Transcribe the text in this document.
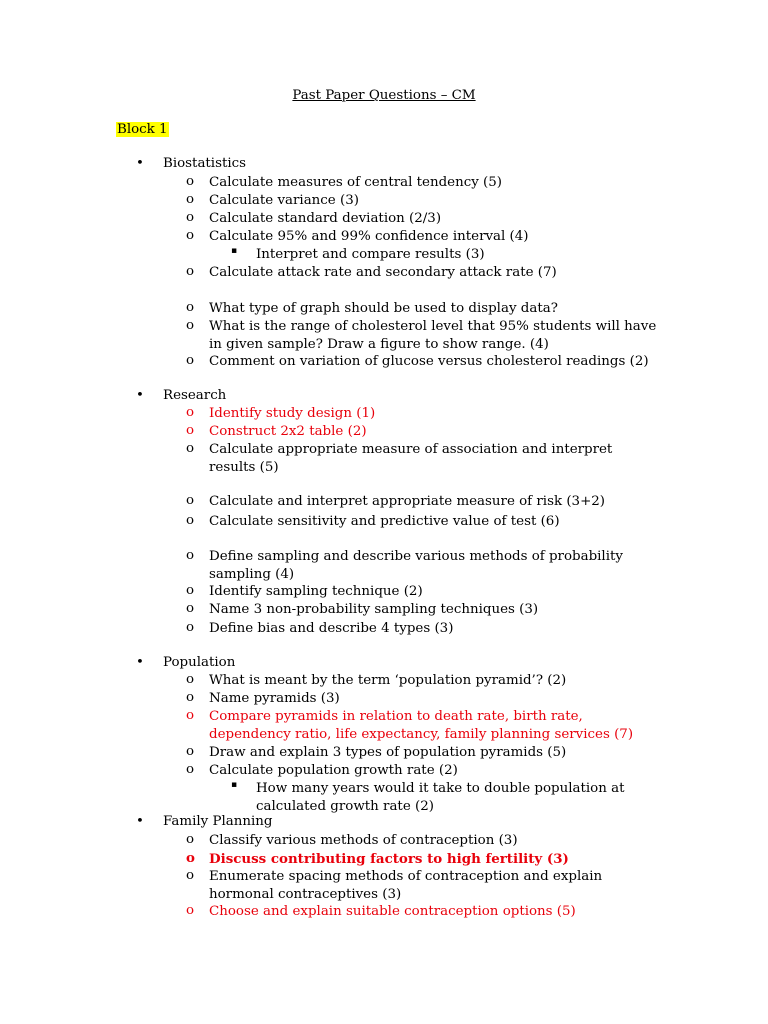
Past Paper Questions – CM
Block 1
•	Biostatistics
o	Calculate measures of central tendency (5)
o	Calculate variance (3)
o	Calculate standard deviation (2/3)
o	Calculate 95% and 99% confidence interval (4)
▪	Interpret and compare results (3)
o	Calculate attack rate and secondary attack rate (7)
o	What type of graph should be used to display data?
o	What is the range of cholesterol level that 95% students will have in given sample? Draw a figure to show range. (4)
o	Comment on variation of glucose versus cholesterol readings (2)
•	Research
o	Identify study design (1)
o	Construct 2x2 table (2)
o	Calculate appropriate measure of association and interpret results (5)
o	Calculate and interpret appropriate measure of risk (3+2)
o	Calculate sensitivity and predictive value of test (6)
o	Define sampling and describe various methods of probability sampling (4)
o	Identify sampling technique (2)
o	Name 3 non-probability sampling techniques (3)
o	Define bias and describe 4 types (3)
•	Population
o	What is meant by the term ‘population pyramid’? (2)
o	Name pyramids (3)
o	Compare pyramids in relation to death rate, birth rate, dependency ratio, life expectancy, family planning services (7)
o	Draw and explain 3 types of population pyramids (5)
o	Calculate population growth rate (2)
▪	How many years would it take to double population at calculated growth rate (2)
•	Family Planning
o	Classify various methods of contraception (3)
o	Discuss contributing factors to high fertility (3)
o	Enumerate spacing methods of contraception and explain hormonal contraceptives (3)
o	Choose and explain suitable contraception options (5)
